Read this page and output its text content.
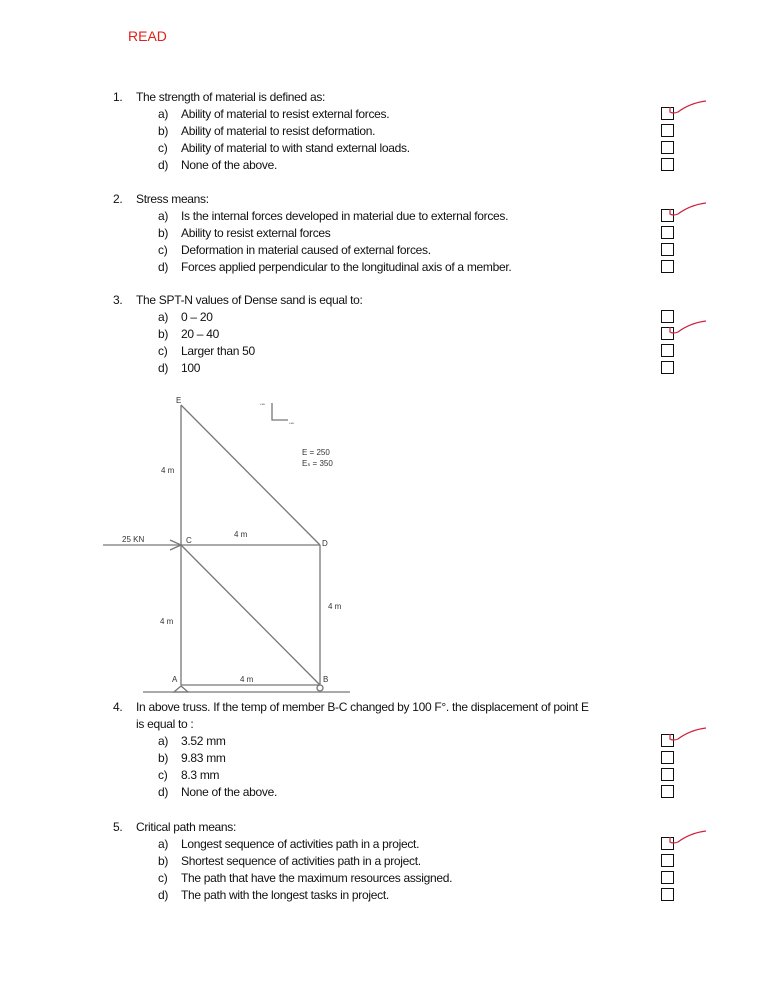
READ
1. The strength of material is defined as:
a) Ability of material to resist external forces.
b) Ability of material to resist deformation.
c) Ability of material to with stand external loads.
d) None of the above.
2. Stress means:
a) Is the internal forces developed in material due to external forces.
b) Ability to resist external forces
c) Deformation in material caused of external forces.
d) Forces applied perpendicular to the longitudinal axis of a member.
3. The SPT-N values of Dense sand is equal to:
a) 0 – 20
b) 20 – 40
c) Larger than 50
d) 100
4. In above truss. If the temp of member B-C changed by 100 F°. the displacement of point E
is equal to :
a) 3.52 mm
b) 9.83 mm
c) 8.3 mm
d) None of the above.
5. Critical path means:
a) Longest sequence of activities path in a project.
b) Shortest sequence of activities path in a project.
c) The path that have the maximum resources assigned.
d) The path with the longest tasks in project.
E
C	D
A	B
4 m
4 m
4 m
4 m
4 m
25 KN
E = 250
Eₛ = 350
+ve
+ve
